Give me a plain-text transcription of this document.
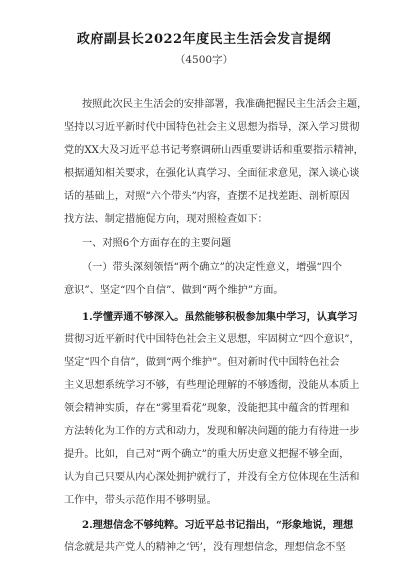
政府副县长2022年度民主生活会发言提纲
（4500字）
按照此次民主生活会的安排部署，我准确把握民主生活会主题，
坚持以习近平新时代中国特色社会主义思想为指导，深入学习贯彻
党的XX大及习近平总书记考察调研山西重要讲话和重要指示精神，
根据通知相关要求，在强化认真学习、全面征求意见，深入谈心谈
话的基础上，对照“六个带头”内容，査摆不足找差距、剖析原因
找方法、制定措施促方向，现对照检查如下：
一、对照6个方面存在的主要问题
（一）带头深刻领悟“两个确立”的决定性意义，增强“四个
意识”、坚定“四个自信”、做到“两个维护”方面。
1.学懂弄通不够深入。虽然能够积极参加集中学习，认真学习
贯彻习近平新时代中国特色社会主义思想，牢固树立“四个意识”，
坚定“四个自信”，做到“两个维护”。但对新时代中国特色社会
主义思想系统学习不够，有些理论理解的不够透彻，没能从本质上
领会精神实质，存在“雾里看花”现象，没能把其中蕴含的哲理和
方法转化为工作的方式和动力，发现和解决问题的能力有待进一步
提升。比如，自己对“两个确立”的重大历史意义把握不够全面，
认为自己只要从内心深处拥护就行了，并没有全方位体现在生活和
工作中，带头示范作用不够明显。
2.理想信念不够纯粹。习近平总书记指出，“形象地说，理想
信念就是共产党人的精神之‘钙’，没有理想信念，理想信念不坚
